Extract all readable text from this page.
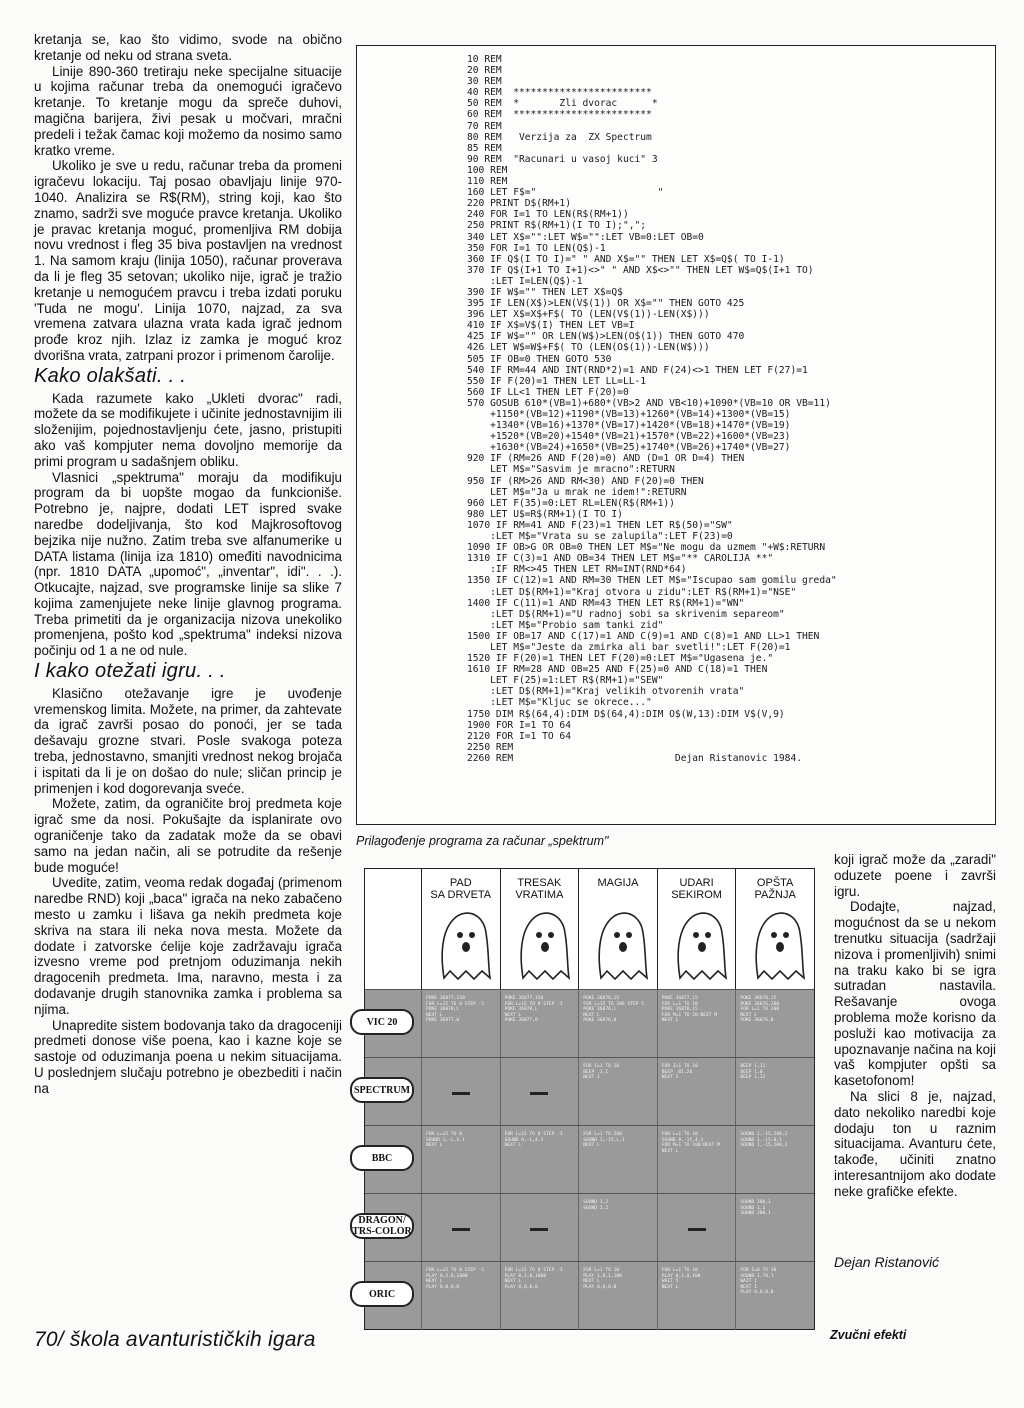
kretanja se, kao što vidimo, svode na obično kretanje od neku od strana sveta.

Linije 890-360 tretiraju neke specijalne situacije u kojima računar treba da onemogući igračevo kretanje. To kretanje mogu da spreče duhovi, magična barijera, živi pesak u močvari, mračni predeli i težak čamac koji možemo da nosimo samo kratko vreme.

Ukoliko je sve u redu, računar treba da promeni igračevu lokaciju. Taj posao obavljaju linije 970-1040. Analizira se R$(RM), string koji, kao što znamo, sadrži sve moguće pravce kretanja. Ukoliko je pravac kretanja moguć, promenljiva RM dobija novu vrednost i fleg 35 biva postavljen na vrednost 1. Na samom kraju (linija 1050), računar proverava da li je fleg 35 setovan; ukoliko nije, igrač je tražio kretanje u nemogućem pravcu i treba izdati poruku 'Tuda ne mogu'. Linija 1070, najzad, za sva vremena zatvara ulazna vrata kada igrač jednom prođe kroz njih. Izlaz iz zamka je moguć kroz dvorišna vrata, zatrpani prozor i primenom čarolije.

Kako olakšati. . .

Kada razumete kako „Ukleti dvorac" radi, možete da se modifikujete i učinite jednostavnijim ili složenijim, pojednostavljenju ćete, jasno, pristupiti ako vaš kompjuter nema dovoljno memorije da primi program u sadašnjem obliku.

Vlasnici „spektruma" moraju da modifikuju program da bi uopšte mogao da funkcioniše. Potrebno je, najpre, dodati LET ispred svake naredbe dodeljivanja, što kod Majkrosoftovog bejzika nije nužno. Zatim treba sve alfanumerike u DATA listama (linija iza 1810) omeđiti navodnicima (npr. 1810 DATA „upomoć", „inventar", idi". . .). Otkucajte, najzad, sve programske linije sa slike 7 kojima zamenjujete neke linije glavnog programa. Treba primetiti da je organizacija nizova unekoliko promenjena, pošto kod „spektruma" indeksi nizova počinju od 1 a ne od nule.

I kako otežati igru. . .

Klasično otežavanje igre je uvođenje vremenskog limita. Možete, na primer, da zahtevate da igrač završi posao do ponoći, jer se tada dešavaju grozne stvari. Posle svakoga poteza treba, jednostavno, smanjiti vrednost nekog brojača i ispitati da li je on došao do nule; sličan princip je primenjen i kod dogorevanja sveće.

Možete, zatim, da ograničite broj predmeta koje igrač sme da nosi. Pokušajte da isplanirate ovo ograničenje tako da zadatak može da se obavi samo na jedan način, ali se potrudite da rešenje bude moguće!

Uvedite, zatim, veoma redak događaj (primenom naredbe RND) koji „baca" igrača na neko zabačeno mesto u zamku i lišava ga nekih predmeta koje skriva na stara ili neka nova mesta. Možete da dodate i zatvorske ćelije koje zadržavaju igrača izvesno vreme pod pretnjom oduzimanja nekih dragocenih predmeta. Ima, naravno, mesta i za dodavanje drugih stanovnika zamka i problema sa njima.

Unapredite sistem bodovanja tako da dragoceniji predmeti donose više poena, kao i kazne koje se sastoje od oduzimanja poena u nekim situacijama. U poslednjem slučaju potrebno je obezbediti i način na

10 REM
20 REM
30 REM
40 REM  ************************
50 REM  *       Zli dvorac      *
60 REM  ************************
70 REM
80 REM   Verzija za  ZX Spectrum
85 REM
90 REM  "Racunari u vasoj kuci" 3
100 REM
110 REM
160 LET F$="                     "
220 PRINT D$(RM+1)
240 FOR I=1 TO LEN(R$(RM+1))
250 PRINT R$(RM+1)(I TO I);",";
340 LET X$="":LET W$="":LET VB=0:LET OB=0
350 FOR I=1 TO LEN(Q$)-1
360 IF Q$(I TO I)=" " AND X$="" THEN LET X$=Q$( TO I-1)
370 IF Q$(I+1 TO I+1)<>" " AND X$<>"" THEN LET W$=Q$(I+1 TO)
:LET I=LEN(Q$)-1
390 IF W$="" THEN LET X$=Q$
395 IF LEN(X$)>LEN(V$(1)) OR X$="" THEN GOTO 425
396 LET X$=X$+F$( TO (LEN(V$(1))-LEN(X$)))
410 IF X$=V$(I) THEN LET VB=I
425 IF W$="" OR LEN(W$)>LEN(O$(1)) THEN GOTO 470
426 LET W$=W$+F$( TO (LEN(O$(1))-LEN(W$)))
505 IF OB=0 THEN GOTO 530
540 IF RM=44 AND INT(RND*2)=1 AND F(24)<>1 THEN LET F(27)=1
550 IF F(20)=1 THEN LET LL=LL-1
560 IF LL<1 THEN LET F(20)=0
570 GOSUB 610*(VB=1)+680*(VB>2 AND VB<10)+1090*(VB=10 OR VB=11)
+1150*(VB=12)+1190*(VB=13)+1260*(VB=14)+1300*(VB=15)
+1340*(VB=16)+1370*(VB=17)+1420*(VB=18)+1470*(VB=19)
+1520*(VB=20)+1540*(VB=21)+1570*(VB=22)+1600*(VB=23)
+1630*(VB=24)+1650*(VB=25)+1740*(VB=26)+1740*(VB=27)
920 IF (RM=26 AND F(20)=0) AND (D=1 OR D=4) THEN
LET M$="Sasvim je mracno":RETURN
950 IF (RM>26 AND RM<30) AND F(20)=0 THEN
LET M$="Ja u mrak ne idem!":RETURN
960 LET F(35)=0:LET RL=LEN(R$(RM+1))
980 LET U$=R$(RM+1)(I TO I)
1070 IF RM=41 AND F(23)=1 THEN LET R$(50)="SW"
:LET M$="Vrata su se zalupila":LET F(23)=0
1090 IF OB>G OR OB=0 THEN LET M$="Ne mogu da uzmem "+W$:RETURN
1310 IF C(3)=1 AND OB=34 THEN LET M$="** CAROLIJA **"
:IF RM<>45 THEN LET RM=INT(RND*64)
1350 IF C(12)=1 AND RM=30 THEN LET M$="Iscupao sam gomilu greda"
:LET D$(RM+1)="Kraj otvora u zidu":LET R$(RM+1)="NSE"
1400 IF C(11)=1 AND RM=43 THEN LET R$(RM+1)="WN"
:LET D$(RM+1)="U radnoj sobi sa skrivenim separeom"
:LET M$="Probio sam tanki zid"
1500 IF OB=17 AND C(17)=1 AND C(9)=1 AND C(8)=1 AND LL>1 THEN
LET M$="Jeste da zmirka ali bar svetli!":LET F(20)=1
1520 IF F(20)=1 THEN LET F(20)=0:LET M$="Ugasena je."
1610 IF RM=28 AND OB=25 AND F(25)=0 AND C(18)=1 THEN
LET F(25)=1:LET R$(RM+1)="SEW"
:LET D$(RM+1)="Kraj velikih otvorenih vrata"
:LET M$="Kljuc se okrece..."
1750 DIM R$(64,4):DIM D$(64,4):DIM O$(W,13):DIM V$(V,9)
1900 FOR I=1 TO 64
2120 FOR I=1 TO 64
2250 REM
2260 REM                            Dejan Ristanovic 1984.
Prilagođenje programa za računar „spektrum"
PAD
SA DRVETA
TRESAK
VRATIMA
MAGIJA	UDARI
SEKIROM
OPŠTA
PAŽNJA
POKE 36877,150
FOR L=15 TO 0 STEP -1
POKE 36878,L
NEXT L
POKE 36877,0
POKE 36877,150
FOR L=15 TO 0 STEP -3
POKE 36878,L
NEXT L
POKE 36877,0
POKE 36876,15
FOR L=15 TO 200 STEP 5
POKE 36876,L
NEXT L
POKE 36876,0
POKE 36877,15
FOR L=1 TO 10
POKE 36878,15
FOR M=1 TO 20:NEXT M
NEXT L
POKE 36878,15
POKE 36876,200
FOR L=1 TO 200
NEXT L
POKE 36876,0
FOR I=1 TO 20
BEEP .1,I
NEXT I
FOR I=1 TO 10
BEEP .01,20
NEXT I
BEEP 1,12
BEEP 1,0
BEEP 1,12
FOR L=15 TO 0
SOUND 1,-L,4,1
NEXT L
FOR L=15 TO 0 STEP -3
SOUND 0,-L,4,1
NEXT L
FOR L=1 TO 200
SOUND 1,-15,L,1
NEXT L
FOR L=1 TO 10
SOUND 0,-15,4,1
FOR M=1 TO 100:NEXT M
NEXT L
SOUND 1,-15,200,2
SOUND 1,-15,0,1
SOUND 1,-15,200,2
SOUND 1,2
SOUND 2,2
SOUND 200,1
SOUND 1,1
SOUND 200,1
FOR L=15 TO 0 STEP -1
PLAY 0,2,0,1000
NEXT L
PLAY 0,0,0,0
FOR L=15 TO 0 STEP -3
PLAY 0,2,0,1000
NEXT L
PLAY 0,0,0,0
FOR L=1 TO 10
PLAY 1,0,1,100
NEXT L
PLAY 0,0,0,0
FOR L=1 TO 10
PLAY 0,2,0,100
WAIT 5
NEXT L
FOR I=0 TO 30
SOUND 1,70,1
WAIT 1
NEXT I
PLAY 0,0,0,0
VIC 20
SPECTRUM
BBC
DRAGON/
TRS-COLOR
ORIC

koji igrač može da „zaradi" oduzete poene i završi igru.

Dodajte, najzad, mogućnost da se u nekom trenutku situacija (sadržaji nizova i promenljivih) snimi na traku kako bi se igra sutradan nastavila. Rešavanje ovoga problema može korisno da posluži kao motivacija za upoznavanje načina na koji vaš kompjuter opšti sa kasetofonom!

Na slici 8 je, najzad, dato nekoliko naredbi koje dodaju ton u raznim situacijama. Avanturu ćete, takođe, učiniti znatno interesantnijom ako dodate neke grafičke efekte.

Dejan Ristanović
70/ škola avanturističkih igara	Zvučni efekti
